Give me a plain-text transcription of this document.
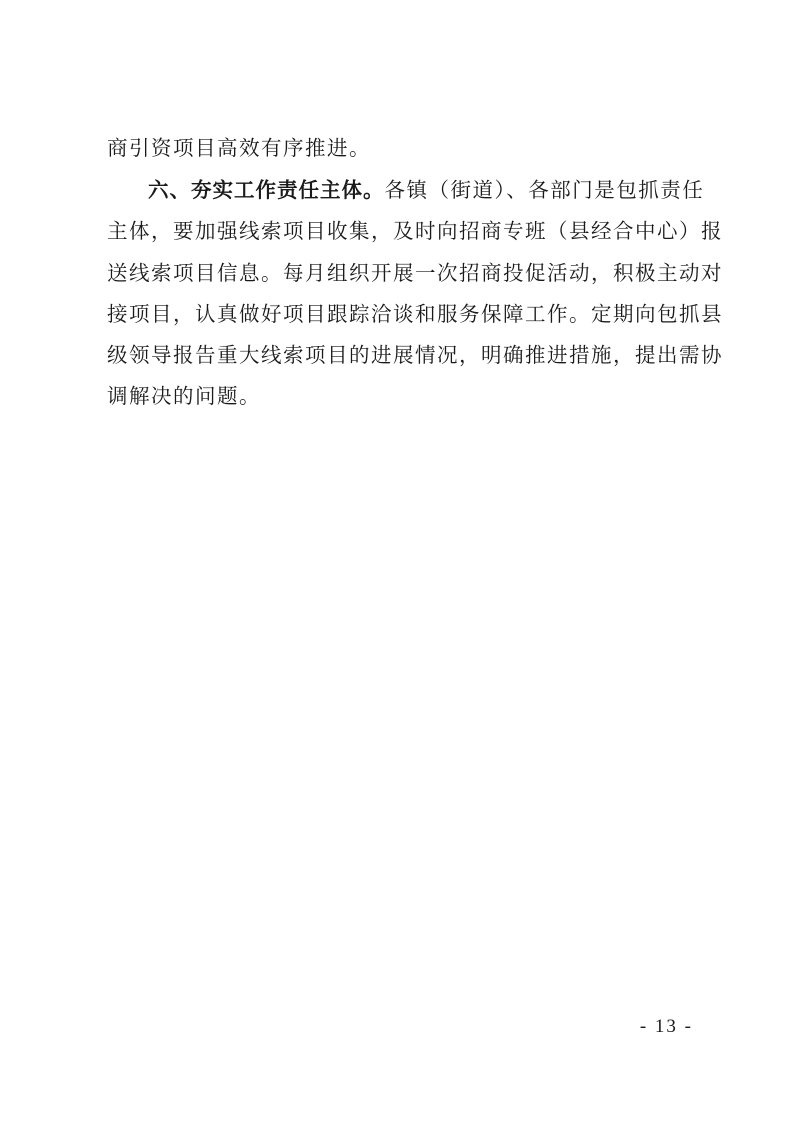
商引资项目高效有序推进。
六、夯实工作责任主体。各镇（街道）、各部门是包抓责任
主体，要加强线索项目收集，及时向招商专班（县经合中心）报
送线索项目信息。每月组织开展一次招商投促活动，积极主动对
接项目，认真做好项目跟踪洽谈和服务保障工作。定期向包抓县
级领导报告重大线索项目的进展情况，明确推进措施，提出需协
调解决的问题。
- 13 -
